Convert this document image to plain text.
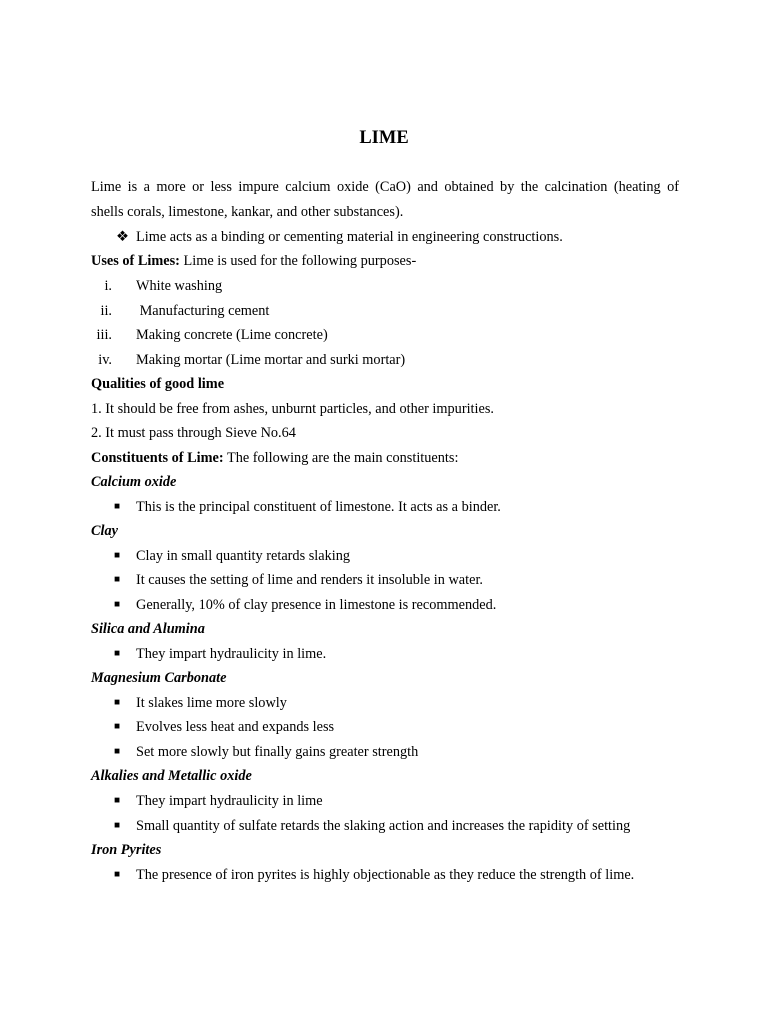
LIME
Lime is a more or less impure calcium oxide (CaO) and obtained by the calcination (heating of
shells corals, limestone, kankar, and other substances).
❖ Lime acts as a binding or cementing material in engineering constructions.
Uses of Limes: Lime is used for the following purposes-
i. White washing
ii. Manufacturing cement
iii. Making concrete (Lime concrete)
iv. Making mortar (Lime mortar and surki mortar)
Qualities of good lime
1. It should be free from ashes, unburnt particles, and other impurities.
2. It must pass through Sieve No.64
Constituents of Lime: The following are the main constituents:
Calcium oxide
■ This is the principal constituent of limestone. It acts as a binder.
Clay
■ Clay in small quantity retards slaking
■ It causes the setting of lime and renders it insoluble in water.
■ Generally, 10% of clay presence in limestone is recommended.
Silica and Alumina
■ They impart hydraulicity in lime.
Magnesium Carbonate
■ It slakes lime more slowly
■ Evolves less heat and expands less
■ Set more slowly but finally gains greater strength
Alkalies and Metallic oxide
■ They impart hydraulicity in lime
■ Small quantity of sulfate retards the slaking action and increases the rapidity of setting
Iron Pyrites
■ The presence of iron pyrites is highly objectionable as they reduce the strength of lime.
